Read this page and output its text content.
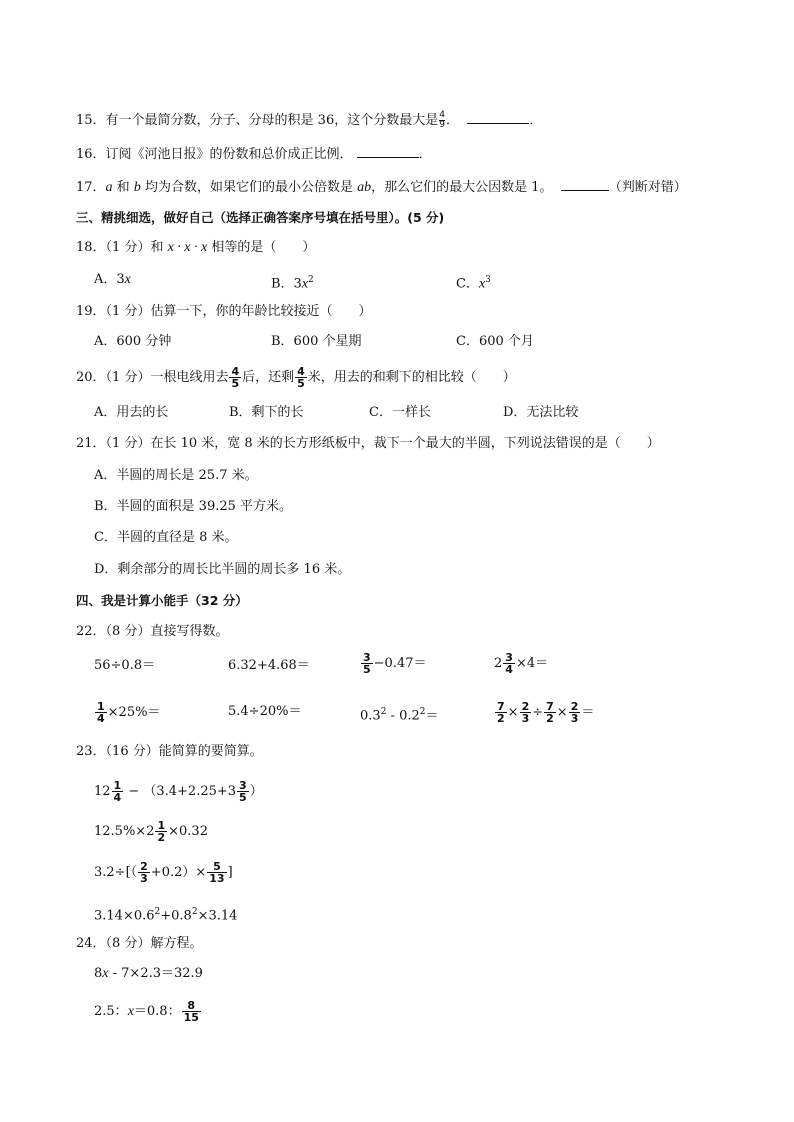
15．有一个最简分数，分子、分母的积是 36，这个分数最大是 $\frac{4}{9}$ ．	．
16．订阅《河池日报》的份数和总价成正比例．	．
17．a 和 b 均为合数，如果它们的最小公倍数是 ab，那么它们的最大公因数是 1。	（判断对错）
三、精挑细选，做好自己（选择正确答案序号填在括号里）。(5 分)
18．（1 分）和 x · x · x 相等的是（　　）
A．3x	B．$3x^2$	C．$x^3$
19．（1 分）估算一下，你的年龄比较接近（　　）
A．600 分钟	B．600 个星期	C．600 个月
20．（1 分）一根电线用去 $\frac{4}{5}$ 后，还剩 $\frac{4}{5}$ 米，用去的和剩下的相比较（　　）
A．用去的长	B．剩下的长	C．一样长	D．无法比较
21．（1 分）在长 10 米，宽 8 米的长方形纸板中，裁下一个最大的半圆，下列说法错误的是（　　）
A．半圆的周长是 25.7 米。
B．半圆的面积是 39.25 平方米。
C．半圆的直径是 8 米。
D．剩余部分的周长比半圆的周长多 16 米。
四、我是计算小能手（32 分）
22．（8 分）直接写得数。
56÷0.8＝	6.32+4.68＝	$\frac{3}{5} -0.47=$	$2 \frac{3}{4} \times 4=$
$\frac{1}{4} \times 25\%=$	5.4÷20%＝	$0.3^2 - 0.2^2=$	$\frac{7}{2} \times \frac{2}{3} \div \frac{7}{2} \times \frac{2}{3}$ ＝
23．（16 分）能简算的要简算。
$12 \frac{1}{4} - (3.4+2.25+3 \frac{3}{5}$ ）
$12.5\%\times 2 \frac{1}{2} \times 0.32$
$3.2\div[( \frac{2}{3} +0.2)\times \frac{5}{13}$ ]
$3.14\times 0.6^2+0.8^2\times 3.14$
24．（8 分）解方程。
8x - 7×2.3＝32.9
2.5：x＝0.8： $\frac{8}{15}$
